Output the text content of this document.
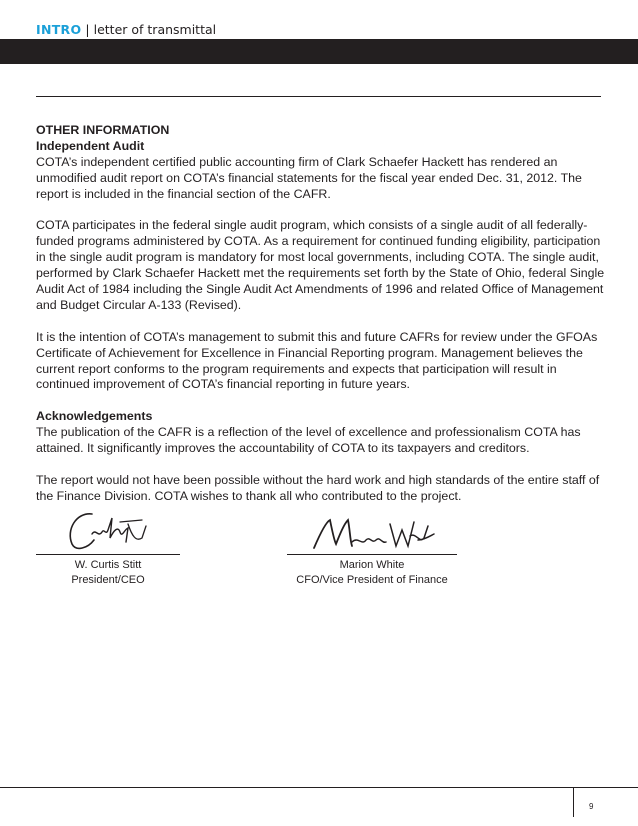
INTRO | letter of transmittal
OTHER INFORMATION
Independent Audit

COTA’s independent certified public accounting firm of Clark Schaefer Hackett has rendered an unmodified audit report on COTA’s financial statements for the fiscal year ended Dec. 31, 2012. The report is included in the financial section of the CAFR.

COTA participates in the federal single audit program, which consists of a single audit of all federally-funded programs administered by COTA. As a requirement for continued funding eligibility, participation in the single audit program is mandatory for most local governments, including COTA. The single audit, performed by Clark Schaefer Hackett met the requirements set forth by the State of Ohio, federal Single Audit Act of 1984 including the Single Audit Act Amendments of 1996 and related Office of Management and Budget Circular A-133 (Revised).

It is the intention of COTA’s management to submit this and future CAFRs for review under the GFOAs Certificate of Achievement for Excellence in Financial Reporting program. Management believes the current report conforms to the program requirements and expects that participation will result in continued improvement of COTA’s financial reporting in future years.

Acknowledgements

The publication of the CAFR is a reflection of the level of excellence and professionalism COTA has attained. It significantly improves the accountability of COTA to its taxpayers and creditors.

The report would not have been possible without the hard work and high standards of the entire staff of the Finance Division. COTA wishes to thank all who contributed to the project.

W. Curtis Stitt
President/CEO
Marion White
CFO/Vice President of Finance
9
